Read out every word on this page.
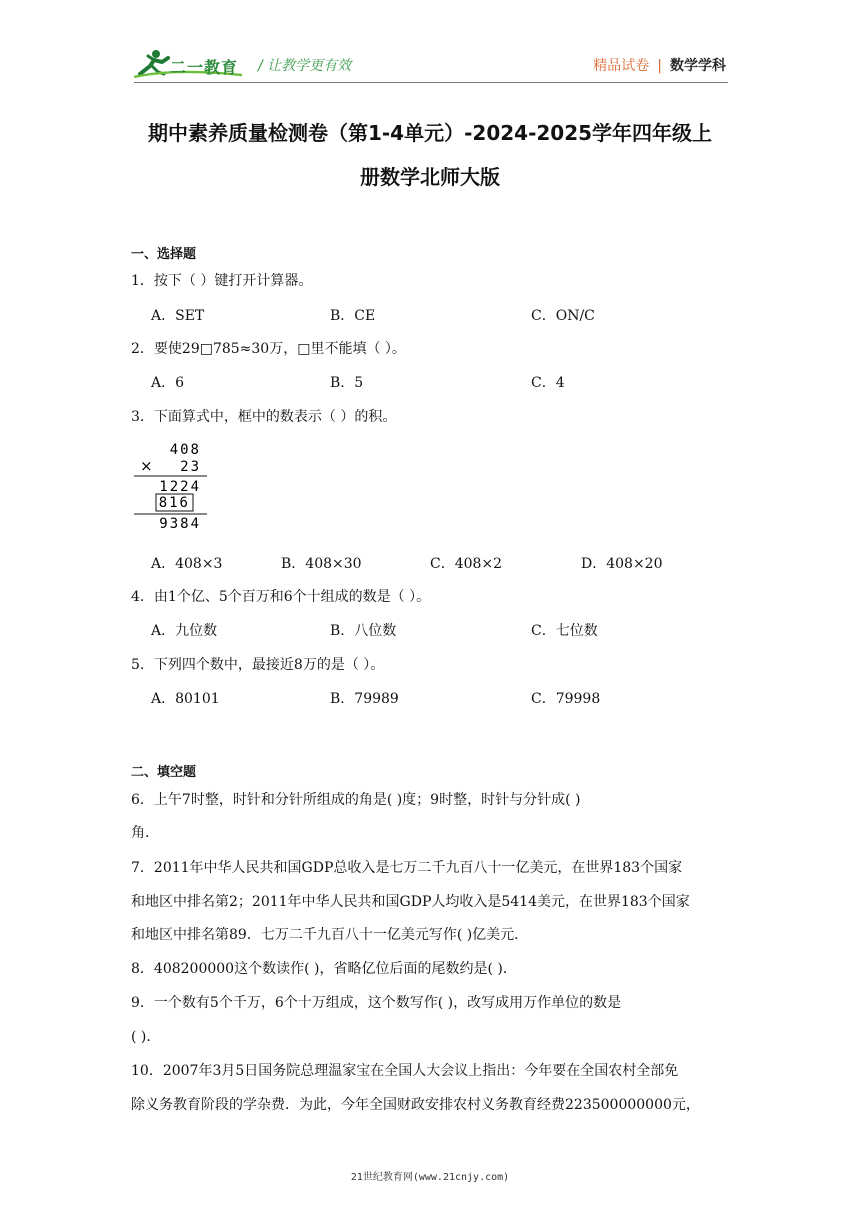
二一教育 / 让教学更有效	精品试卷 | 数学学科
期中素养质量检测卷（第1-4单元）-2024-2025学年四年级上
册数学北师大版
一、选择题
1．按下（ ）键打开计算器。
A．SET	B．CE	C．ON/C
2．要使29□785≈30万，□里不能填（ ）。
A．6	B．5	C．4
3．下面算式中，框中的数表示（ ）的积。
408
× 23
1224
816
9384
A．408×3	B．408×30	C．408×2	D．408×20
4．由1个亿、5个百万和6个十组成的数是（ ）。
A．九位数	B．八位数	C．七位数
5．下列四个数中，最接近8万的是（ ）。
A．80101	B．79989	C．79998
二、填空题
6．上午7时整，时针和分针所组成的角是( )度；9时整，时针与分针成( )
角．
7．2011年中华人民共和国GDP总收入是七万二千九百八十一亿美元，在世界183个国家
和地区中排名第2；2011年中华人民共和国GDP人均收入是5414美元，在世界183个国家
和地区中排名第89．七万二千九百八十一亿美元写作( )亿美元．
8．408200000这个数读作( )，省略亿位后面的尾数约是( )．
9．一个数有5个千万，6个十万组成，这个数写作( )，改写成用万作单位的数是
( )．
10．2007年3月5日国务院总理温家宝在全国人大会议上指出：今年要在全国农村全部免
除义务教育阶段的学杂费．为此，今年全国财政安排农村义务教育经费223500000000元，
21世纪教育网(www.21cnjy.com)
